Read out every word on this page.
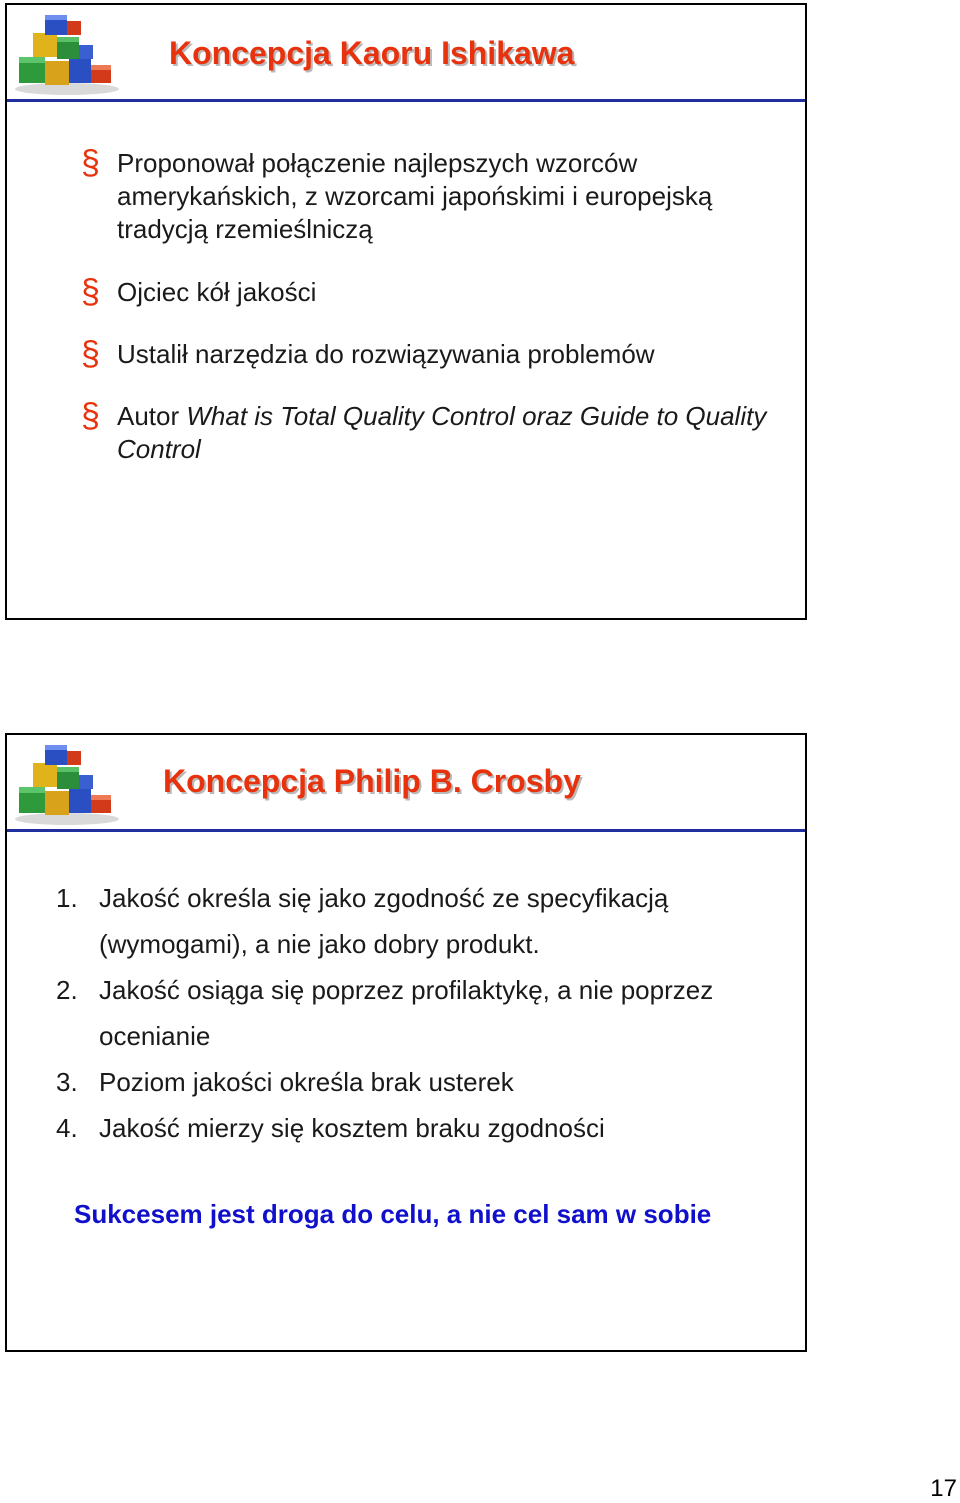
Koncepcja Kaoru Ishikawa
§ Proponował połączenie najlepszych wzorców amerykańskich, z wzorcami japońskimi i europejską tradycją rzemieślniczą
§ Ojciec kół jakości
§ Ustalił narzędzia do rozwiązywania problemów
§ Autor What is Total Quality Control oraz Guide to Quality Control
Koncepcja Philip B. Crosby
1. Jakość określa się jako zgodność ze specyfikacją (wymogami), a nie jako dobry produkt.
2. Jakość osiąga się poprzez profilaktykę, a nie poprzez ocenianie
3. Poziom jakości określa brak usterek
4. Jakość mierzy się kosztem braku zgodności

Sukcesem jest droga do celu, a nie cel sam w sobie

17
